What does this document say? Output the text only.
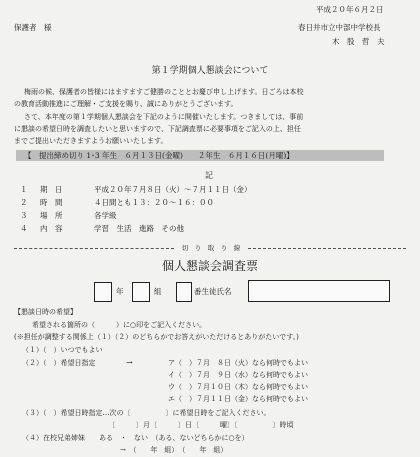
平成２０年６月２日
保護者　様	春日井市立中部中学校長
木　股　哲　夫
第１学期個人懇談会について
梅雨の候、保護者の皆様にはますますご健勝のこととお慶び申し上げます。日ごろは本校
の教育活動推進にご理解・ご支援を賜り、誠にありがとうございます。
さて、本年度の第１学期個人懇談会を下記のように開催いたします。つきましては、事前
に懇談の希望日時を調査したいと思いますので、下記調査票に必要事項をご記入の上、担任
までご提出いただきますようお願いいたします。
【　提出締め切り 1･3 年生　６月１３日(金曜)　　２年生　６月１６日(月曜)】
記
１ 期　日	平成２０年７月８日（火）～７月１１日（金）
２ 時　間	４日間とも１３：２０～１６：００
３ 場　所	各学級
４ 内　容	学習　生活　進路　その他
切　り　取　り　線
個人懇談会調査票
年	組	番生徒氏名
【懇談日時の希望】
希望される箇所の（　　　）に○印をご記入ください。
(※担任が調整する関係上（１）（２）のどちらかでお答えがいただけるとありがたいです。)
（１）（　）いつでもよい
（２）（　）希望日指定	→	ア（　）７月　８日（火）なら何時でもよい
イ（　）７月　９日（水）なら何時でもよい
ウ（　）７月１０日（木）なら何時でもよい
エ（　）７月１１日（金）なら何時でもよい
（３）（　）希望日時指定…次の〔　　　　　〕に希望日時をご記入ください。
〔　　　〕月〔　　　〕日〔　　　曜〕〔　　　　　〕時頃
（４）在校兄弟姉妹　　ある　・　ない　（ある、ないどちらかに○を）
→　（　　年　組）　（　　年　組）
